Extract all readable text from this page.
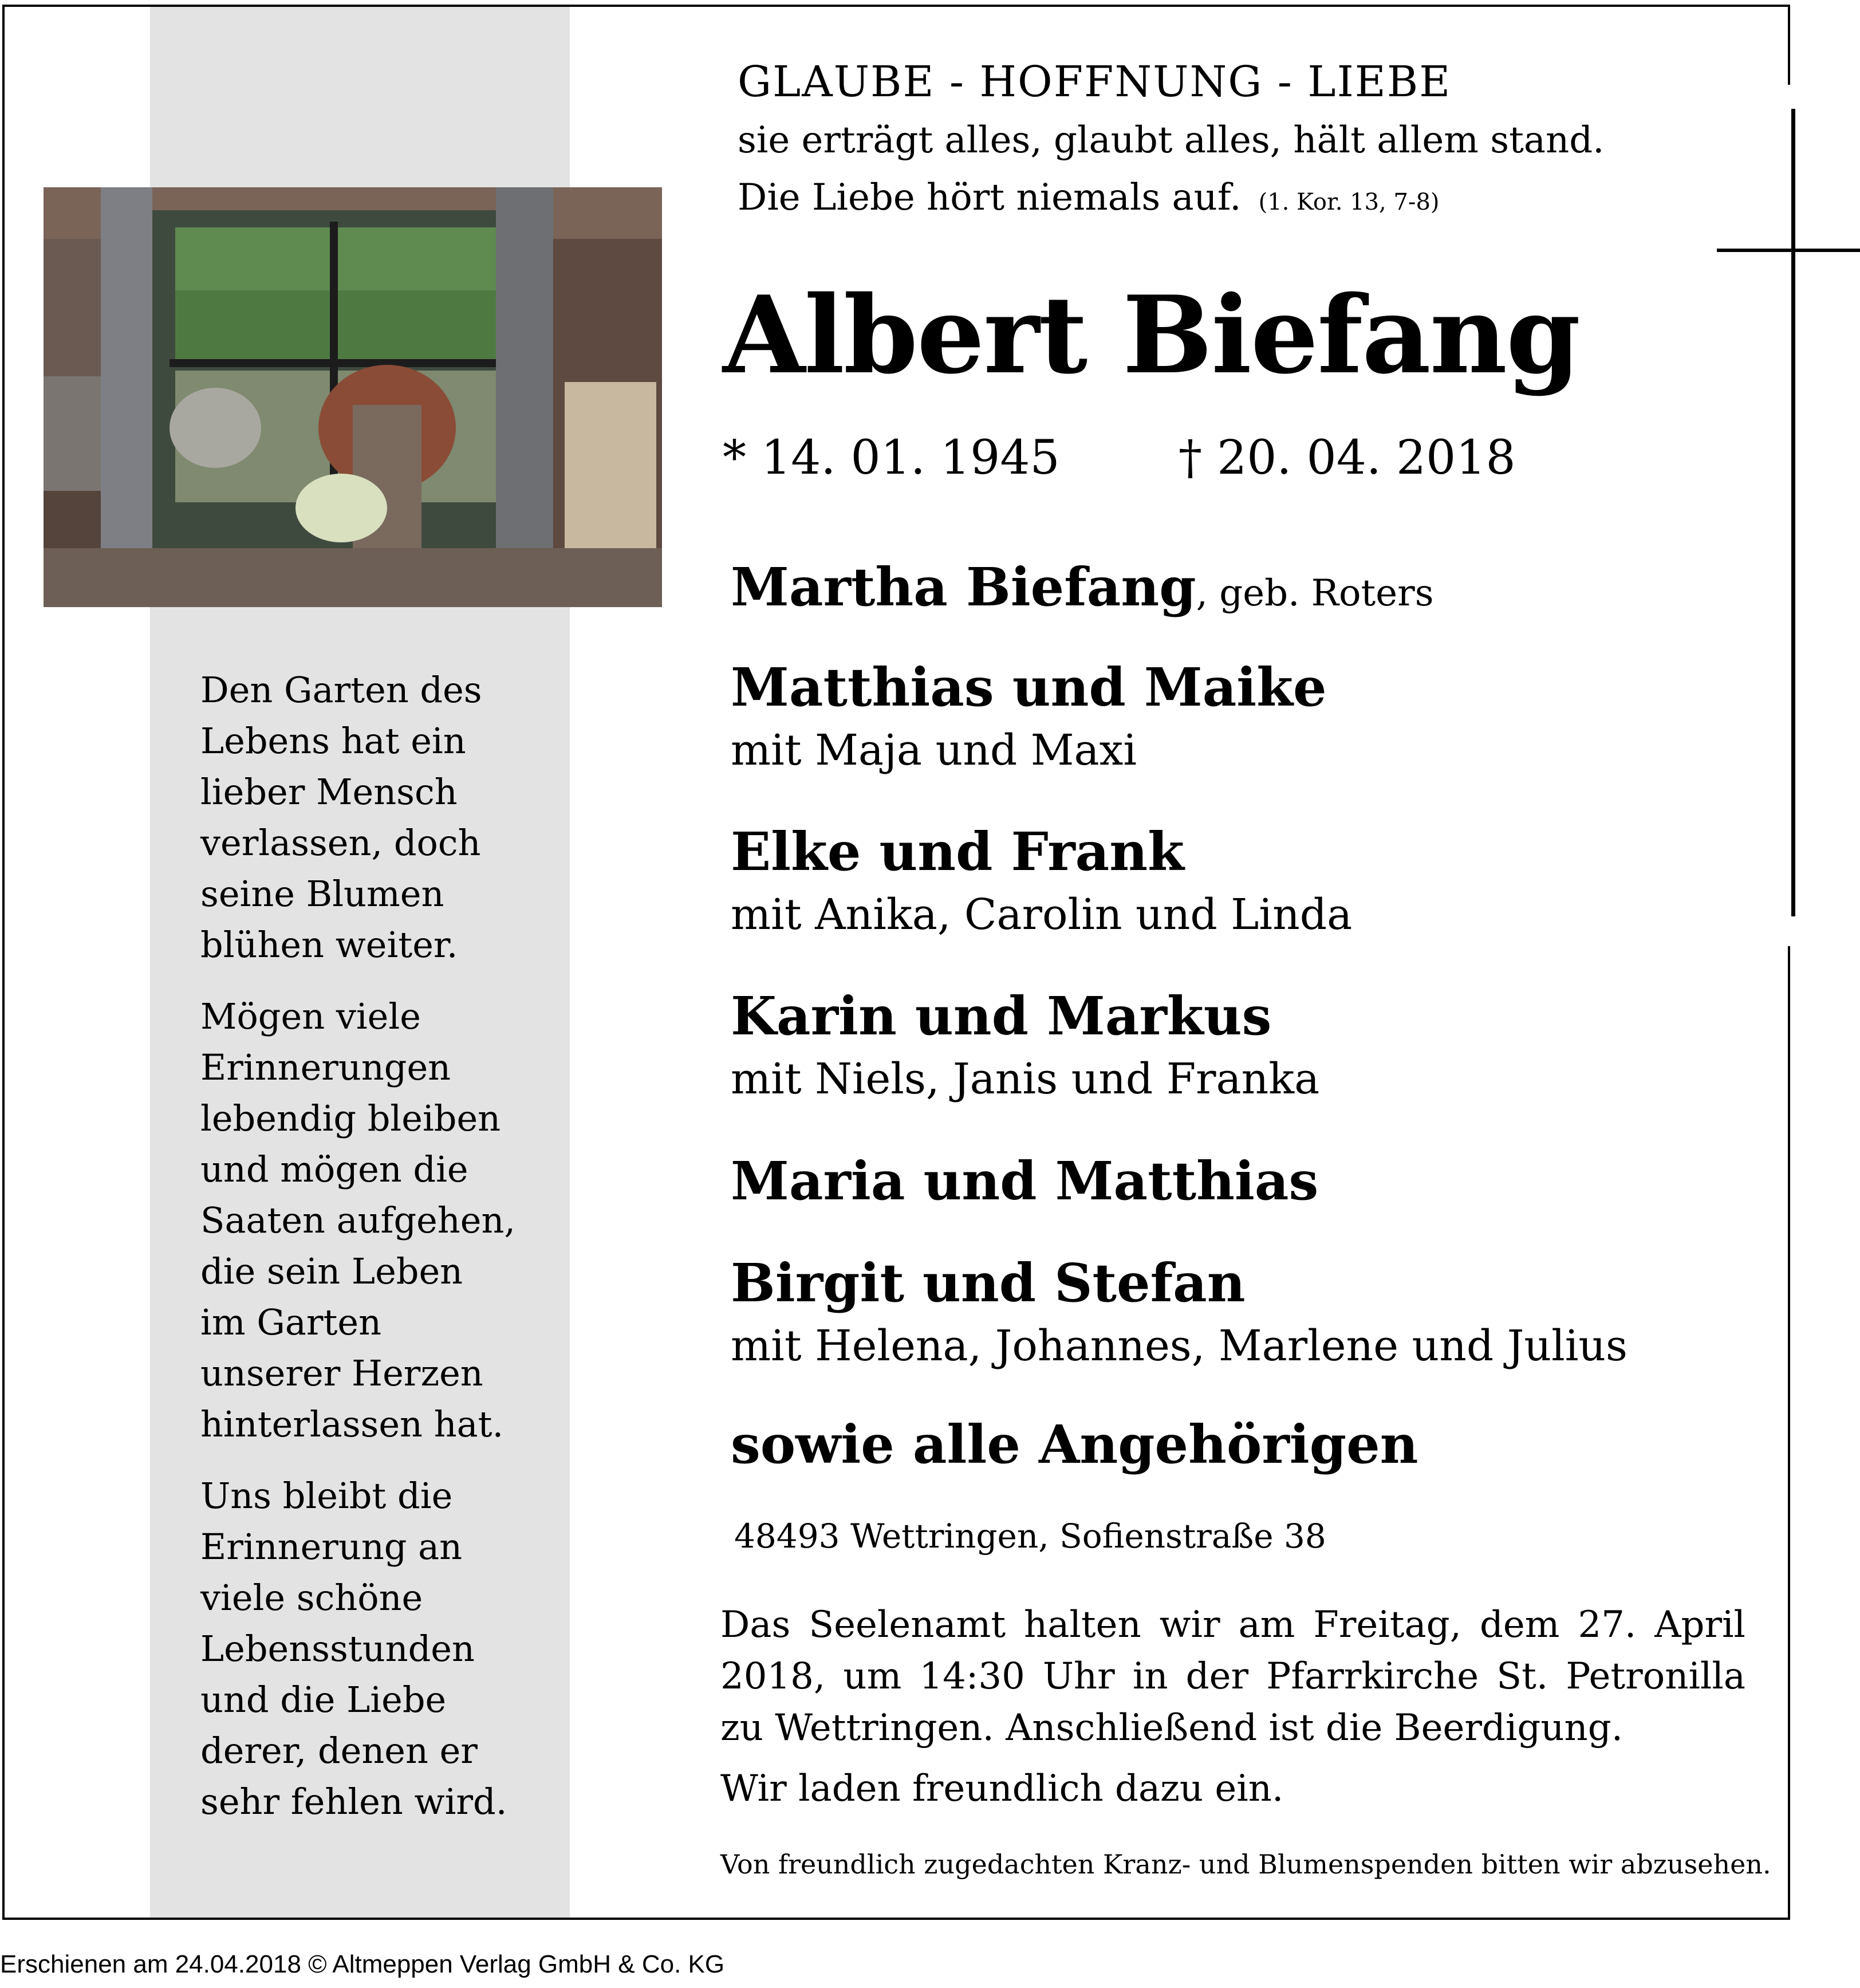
Den Garten des
Lebens hat ein
lieber Mensch
verlassen, doch
seine Blumen
blühen weiter.

Mögen viele
Erinnerungen
lebendig bleiben
und mögen die
Saaten aufgehen,
die sein Leben
im Garten
unserer Herzen
hinterlassen hat.

Uns bleibt die
Erinnerung an
viele schöne
Lebensstunden
und die Liebe
derer, denen er
sehr fehlen wird.

GLAUBE - HOFFNUNG - LIEBE
sie erträgt alles, glaubt alles, hält allem stand.
Die Liebe hört niemals auf. (1. Kor. 13, 7-8)
Albert Biefang
* 14. 01. 1945	† 20. 04. 2018
Martha Biefang, geb. Roters
Matthias und Maike
mit Maja und Maxi
Elke und Frank
mit Anika, Carolin und Linda
Karin und Markus
mit Niels, Janis und Franka
Maria und Matthias
Birgit und Stefan
mit Helena, Johannes, Marlene und Julius
sowie alle Angehörigen
48493 Wettringen, Sofienstraße 38
Das Seelenamt halten wir am Freitag, dem 27. April 2018, um 14:30 Uhr in der Pfarrkirche St. Petronilla zu Wettringen. Anschließend ist die Beerdigung.
Wir laden freundlich dazu ein.
Von freundlich zugedachten Kranz- und Blumenspenden bitten wir abzusehen.
Erschienen am 24.04.2018 © Altmeppen Verlag GmbH & Co. KG
